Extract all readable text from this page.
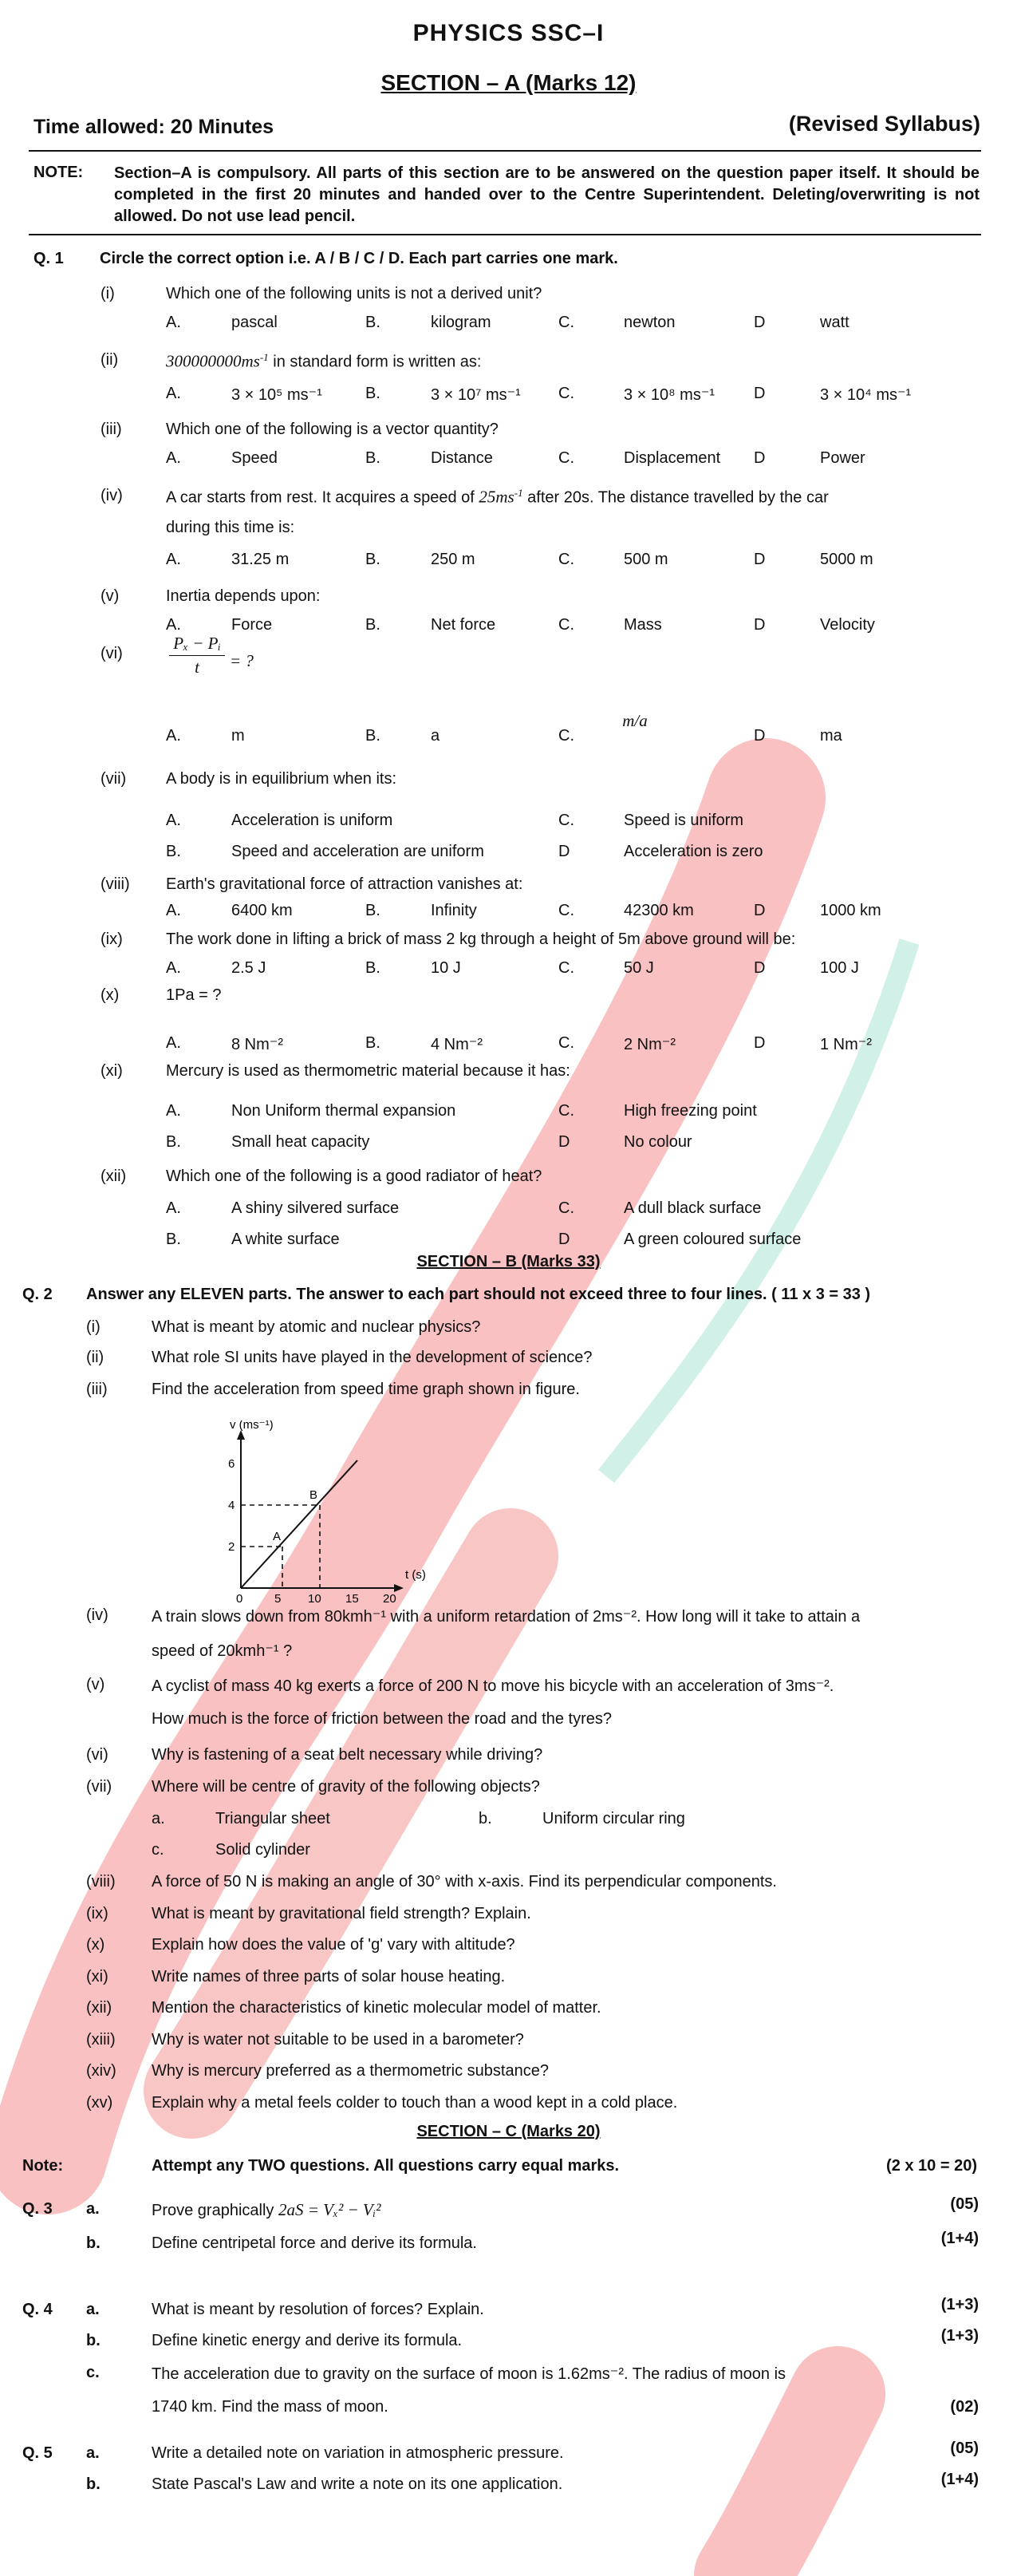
PHYSICS SSC–I
SECTION – A (Marks 12)
Time allowed: 20 Minutes	(Revised Syllabus)
NOTE: Section–A is compulsory. All parts of this section are to be answered on the question paper itself. It should be completed in the first 20 minutes and handed over to the Centre Superintendent. Deleting/overwriting is not allowed. Do not use lead pencil.
Q. 1 Circle the correct option i.e. A / B / C / D. Each part carries one mark.
(i)	Which one of the following units is not a derived unit?
A.	pascal	B.	kilogram	C.	newton	D	watt
(ii)	$300000000ms^{-1}$ in standard form is written as:
A.	3 × 10⁵ ms⁻¹	B.	3 × 10⁷ ms⁻¹ C.	3 × 10⁸ ms⁻¹ D	3 × 10⁴ ms⁻¹
(iii)	Which one of the following is a vector quantity?
A.	Speed	B.	Distance	C.	Displacement D	Power
(iv)	A car starts from rest. It acquires a speed of $25ms^{-1}$ after 20s. The distance travelled by the car
during this time is:
A.	31.25 m	B.	250 m	C.	500 m	D	5000 m
(v)	Inertia depends upon:
A.	Force	B.	Net force	C.	Mass	D	Velocity
(vi)	$\frac{\text{Pₓ − Pᵢ}}{t}$ = ?
A.	m	B.	a	C.
m/a
D	ma
(vii) A body is in equilibrium when its:
A.	Acceleration is uniform	C.	Speed is uniform
B.	Speed and acceleration are uniform	D	Acceleration is zero
(viii) Earth's gravitational force of attraction vanishes at:
A.	6400 km	B.	Infinity	C.	42300 km	D	1000 km
(ix)	The work done in lifting a brick of mass 2 kg through a height of 5m above ground will be:
A.	2.5 J	B.	10 J	C.	50 J	D	100 J
(x)	1Pa = ?
A.	8 Nm⁻²	B.	4 Nm⁻²	C.	2 Nm⁻²	D	1 Nm⁻²
(xi)	Mercury is used as thermometric material because it has:
A.	Non Uniform thermal expansion	C.	High freezing point
B.	Small heat capacity	D	No colour
(xii) Which one of the following is a good radiator of heat?
A.	A shiny silvered surface	C.	A dull black surface
B.	A white surface	D	A green coloured surface
SECTION – B (Marks 33)
Q. 2 Answer any ELEVEN parts. The answer to each part should not exceed three to four lines. ( 11 x 3 = 33 )
(i)	What is meant by atomic and nuclear physics?
(ii)	What role SI units have played in the development of science?
(iii)	Find the acceleration from speed time graph shown in figure.
(iv)	A train slows down from 80kmh⁻¹ with a uniform retardation of 2ms⁻². How long will it take to attain a
speed of 20kmh⁻¹ ?
(v)	A cyclist of mass 40 kg exerts a force of 200 N to move his bicycle with an acceleration of 3ms⁻².
How much is the force of friction between the road and the tyres?
(vi)	Why is fastening of a seat belt necessary while driving?
(vii) Where will be centre of gravity of the following objects?
a.	Triangular sheet	b.	Uniform circular ring
c.	Solid cylinder
(viii) A force of 50 N is making an angle of 30° with x-axis. Find its perpendicular components.
(ix)	What is meant by gravitational field strength? Explain.
(x)	Explain how does the value of 'g' vary with altitude?
(xi)	Write names of three parts of solar house heating.
(xii) Mention the characteristics of kinetic molecular model of matter.
(xiii) Why is water not suitable to be used in a barometer?
(xiv) Why is mercury preferred as a thermometric substance?
(xv) Explain why a metal feels colder to touch than a wood kept in a cold place.
v (ms⁻¹)
t (s)
2
4
6
0	5 10 15 20
A
B
SECTION – C (Marks 20)
Note:	Attempt any TWO questions. All questions carry equal marks.	(2 x 10 = 20)
Q. 3 a.	Prove graphically 2aS = Vₓ² − Vᵢ²	(05)
b.	Define centripetal force and derive its formula.	(1+4)
Q. 4 a.	What is meant by resolution of forces? Explain.	(1+3)
b.	Define kinetic energy and derive its formula.	(1+3)
c.	The acceleration due to gravity on the surface of moon is 1.62ms⁻². The radius of moon is
1740 km. Find the mass of moon.	(02)
Q. 5 a.	Write a detailed note on variation in atmospheric pressure.	(05)
b.	State Pascal's Law and write a note on its one application.	(1+4)
